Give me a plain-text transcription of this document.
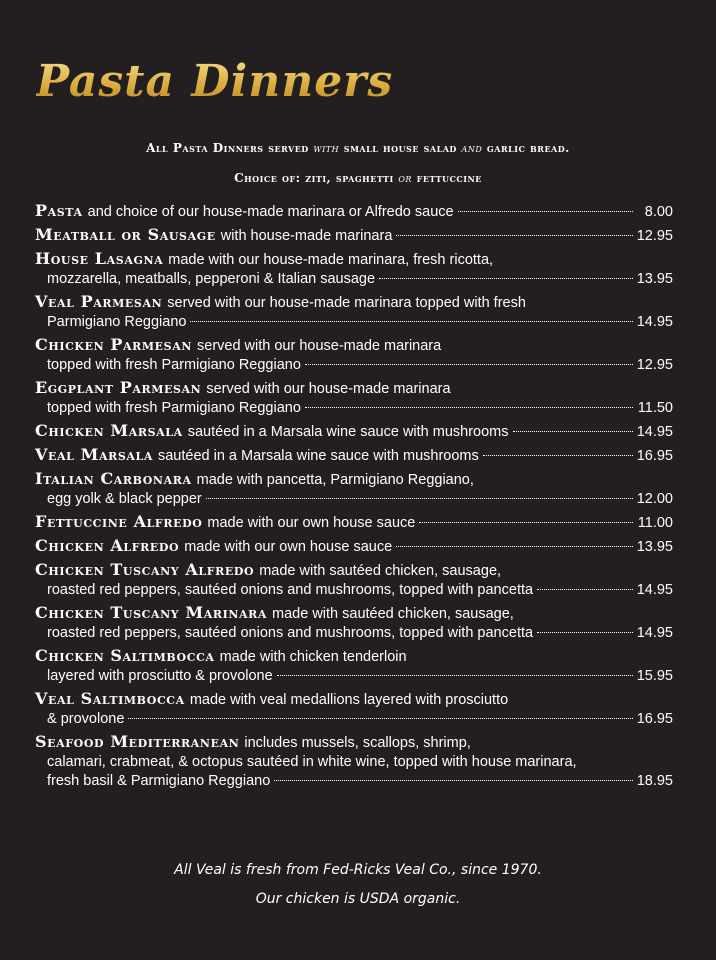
Pasta Dinners
All Pasta Dinners served with small house salad and garlic bread.
Choice of: ziti, spaghetti or fettuccine
Pasta and choice of our house-made marinara or Alfredo sauce	8.00
Meatball or Sausage with house-made marinara	12.95
House Lasagna made with our house-made marinara, fresh ricotta,
mozzarella, meatballs, pepperoni & Italian sausage	13.95
Veal Parmesan served with our house-made marinara topped with fresh
Parmigiano Reggiano	14.95
Chicken Parmesan served with our house-made marinara
topped with fresh Parmigiano Reggiano	12.95
Eggplant Parmesan served with our house-made marinara
topped with fresh Parmigiano Reggiano	11.50
Chicken Marsala sautéed in a Marsala wine sauce with mushrooms	14.95
Veal Marsala sautéed in a Marsala wine sauce with mushrooms	16.95
Italian Carbonara made with pancetta, Parmigiano Reggiano,
egg yolk & black pepper	12.00
Fettuccine Alfredo made with our own house sauce	11.00
Chicken Alfredo made with our own house sauce	13.95
Chicken Tuscany Alfredo made with sautéed chicken, sausage,
roasted red peppers, sautéed onions and mushrooms, topped with pancetta	14.95
Chicken Tuscany Marinara made with sautéed chicken, sausage,
roasted red peppers, sautéed onions and mushrooms, topped with pancetta	14.95
Chicken Saltimbocca made with chicken tenderloin
layered with prosciutto & provolone	15.95
Veal Saltimbocca made with veal medallions layered with prosciutto
& provolone	16.95
Seafood Mediterranean includes mussels, scallops, shrimp,
calamari, crabmeat, & octopus sautéed in white wine, topped with house marinara,
fresh basil & Parmigiano Reggiano	18.95
All Veal is fresh from Fed-Ricks Veal Co., since 1970.
Our chicken is USDA organic.
